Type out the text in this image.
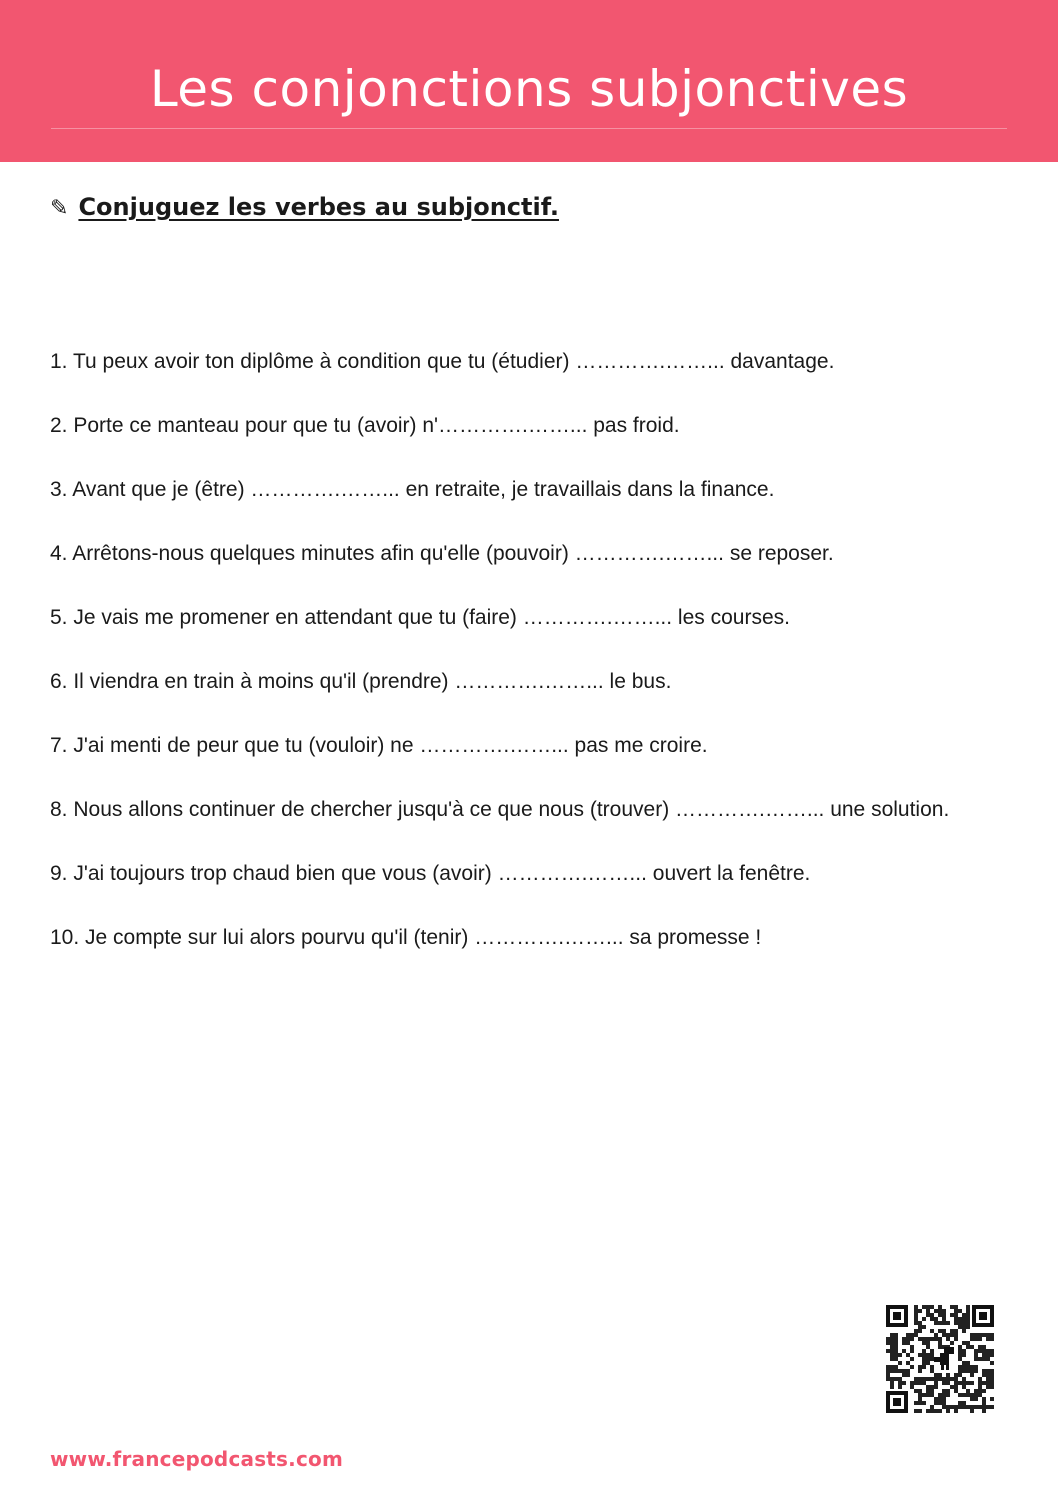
Les conjonctions subjonctives
✎ Conjuguez les verbes au subjonctif.
1. Tu peux avoir ton diplôme à condition que tu (étudier) ………….……... davantage.
2. Porte ce manteau pour que tu (avoir) n'………….……... pas froid.
3. Avant que je (être) ………….……... en retraite, je travaillais dans la finance.
4. Arrêtons-nous quelques minutes afin qu'elle (pouvoir) ………….……... se reposer.
5. Je vais me promener en attendant que tu (faire) ………….……... les courses.
6. Il viendra en train à moins qu'il (prendre) ………….……... le bus.
7. J'ai menti de peur que tu (vouloir) ne ………….……... pas me croire.
8. Nous allons continuer de chercher jusqu'à ce que nous (trouver) ………….……... une solution.
9. J'ai toujours trop chaud bien que vous (avoir) ………….……... ouvert la fenêtre.
10. Je compte sur lui alors pourvu qu'il (tenir) ………….……... sa promesse !
www.francepodcasts.com
